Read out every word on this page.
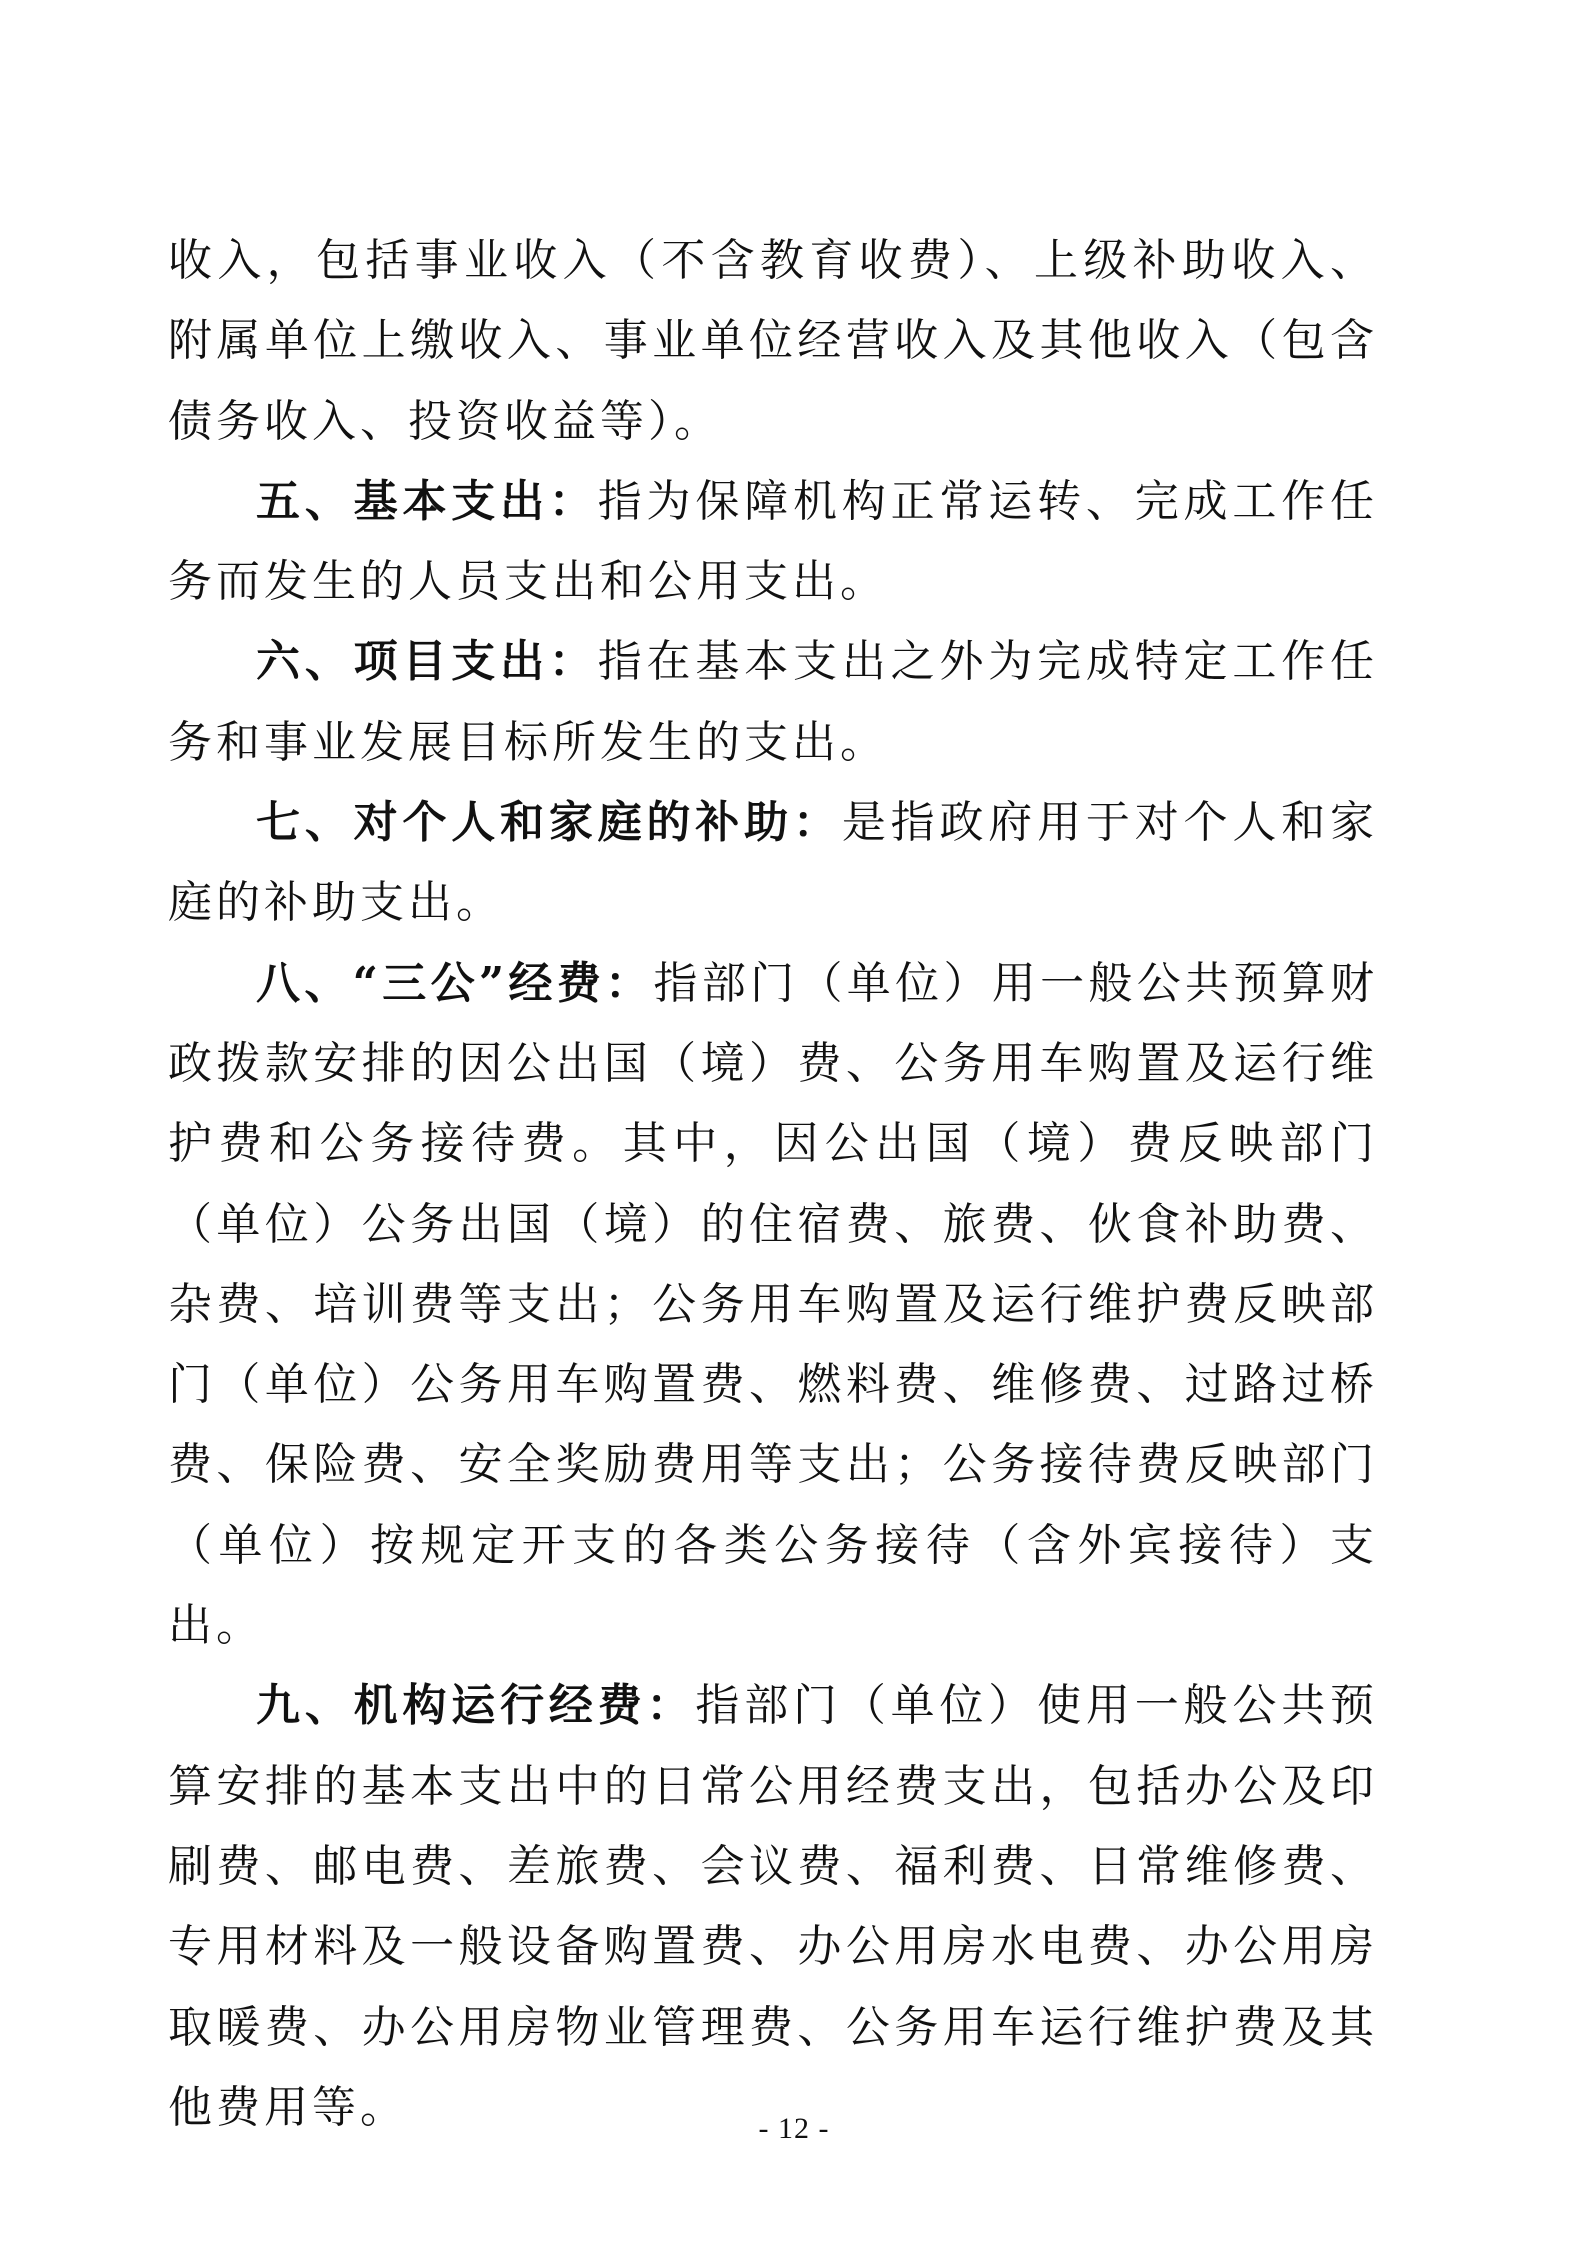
收入，包括事业收入（不含教育收费）、上级补助收入、附属单位上缴收入、事业单位经营收入及其他收入（包含债务收入、投资收益等）。

五、基本支出：指为保障机构正常运转、完成工作任务而发生的人员支出和公用支出。

六、项目支出：指在基本支出之外为完成特定工作任务和事业发展目标所发生的支出。

七、对个人和家庭的补助：是指政府用于对个人和家庭的补助支出。

八、“三公”经费：指部门（单位）用一般公共预算财政拨款安排的因公出国（境）费、公务用车购置及运行维护费和公务接待费。其中，因公出国（境）费反映部门（单位）公务出国（境）的住宿费、旅费、伙食补助费、杂费、培训费等支出；公务用车购置及运行维护费反映部门（单位）公务用车购置费、燃料费、维修费、过路过桥费、保险费、安全奖励费用等支出；公务接待费反映部门（单位）按规定开支的各类公务接待（含外宾接待）支出。

九、机构运行经费：指部门（单位）使用一般公共预算安排的基本支出中的日常公用经费支出，包括办公及印刷费、邮电费、差旅费、会议费、福利费、日常维修费、专用材料及一般设备购置费、办公用房水电费、办公用房取暖费、办公用房物业管理费、公务用车运行维护费及其他费用等。	- 12 -
